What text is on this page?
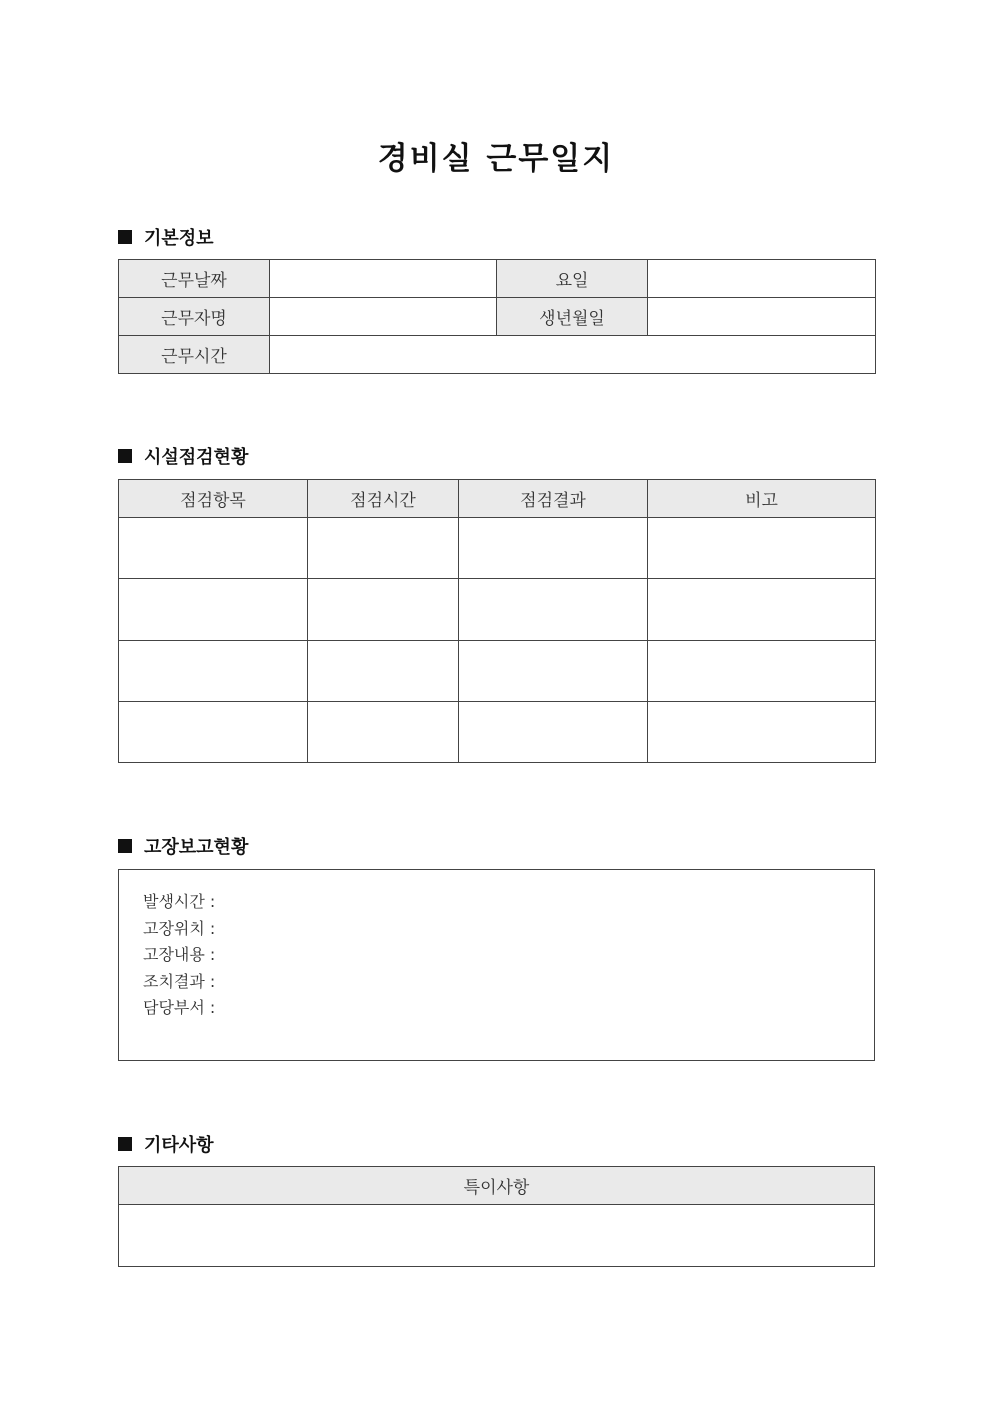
경비실 근무일지
기본정보
근무날짜		요일	
근무자명		생년월일	
근무시간			
시설점검현황
점검항목	점검시간	점검결과	비고

고장보고현황
발생시간 :
고장위치 :
고장내용 :
조치결과 :
담당부서 :
기타사항
특이사항
